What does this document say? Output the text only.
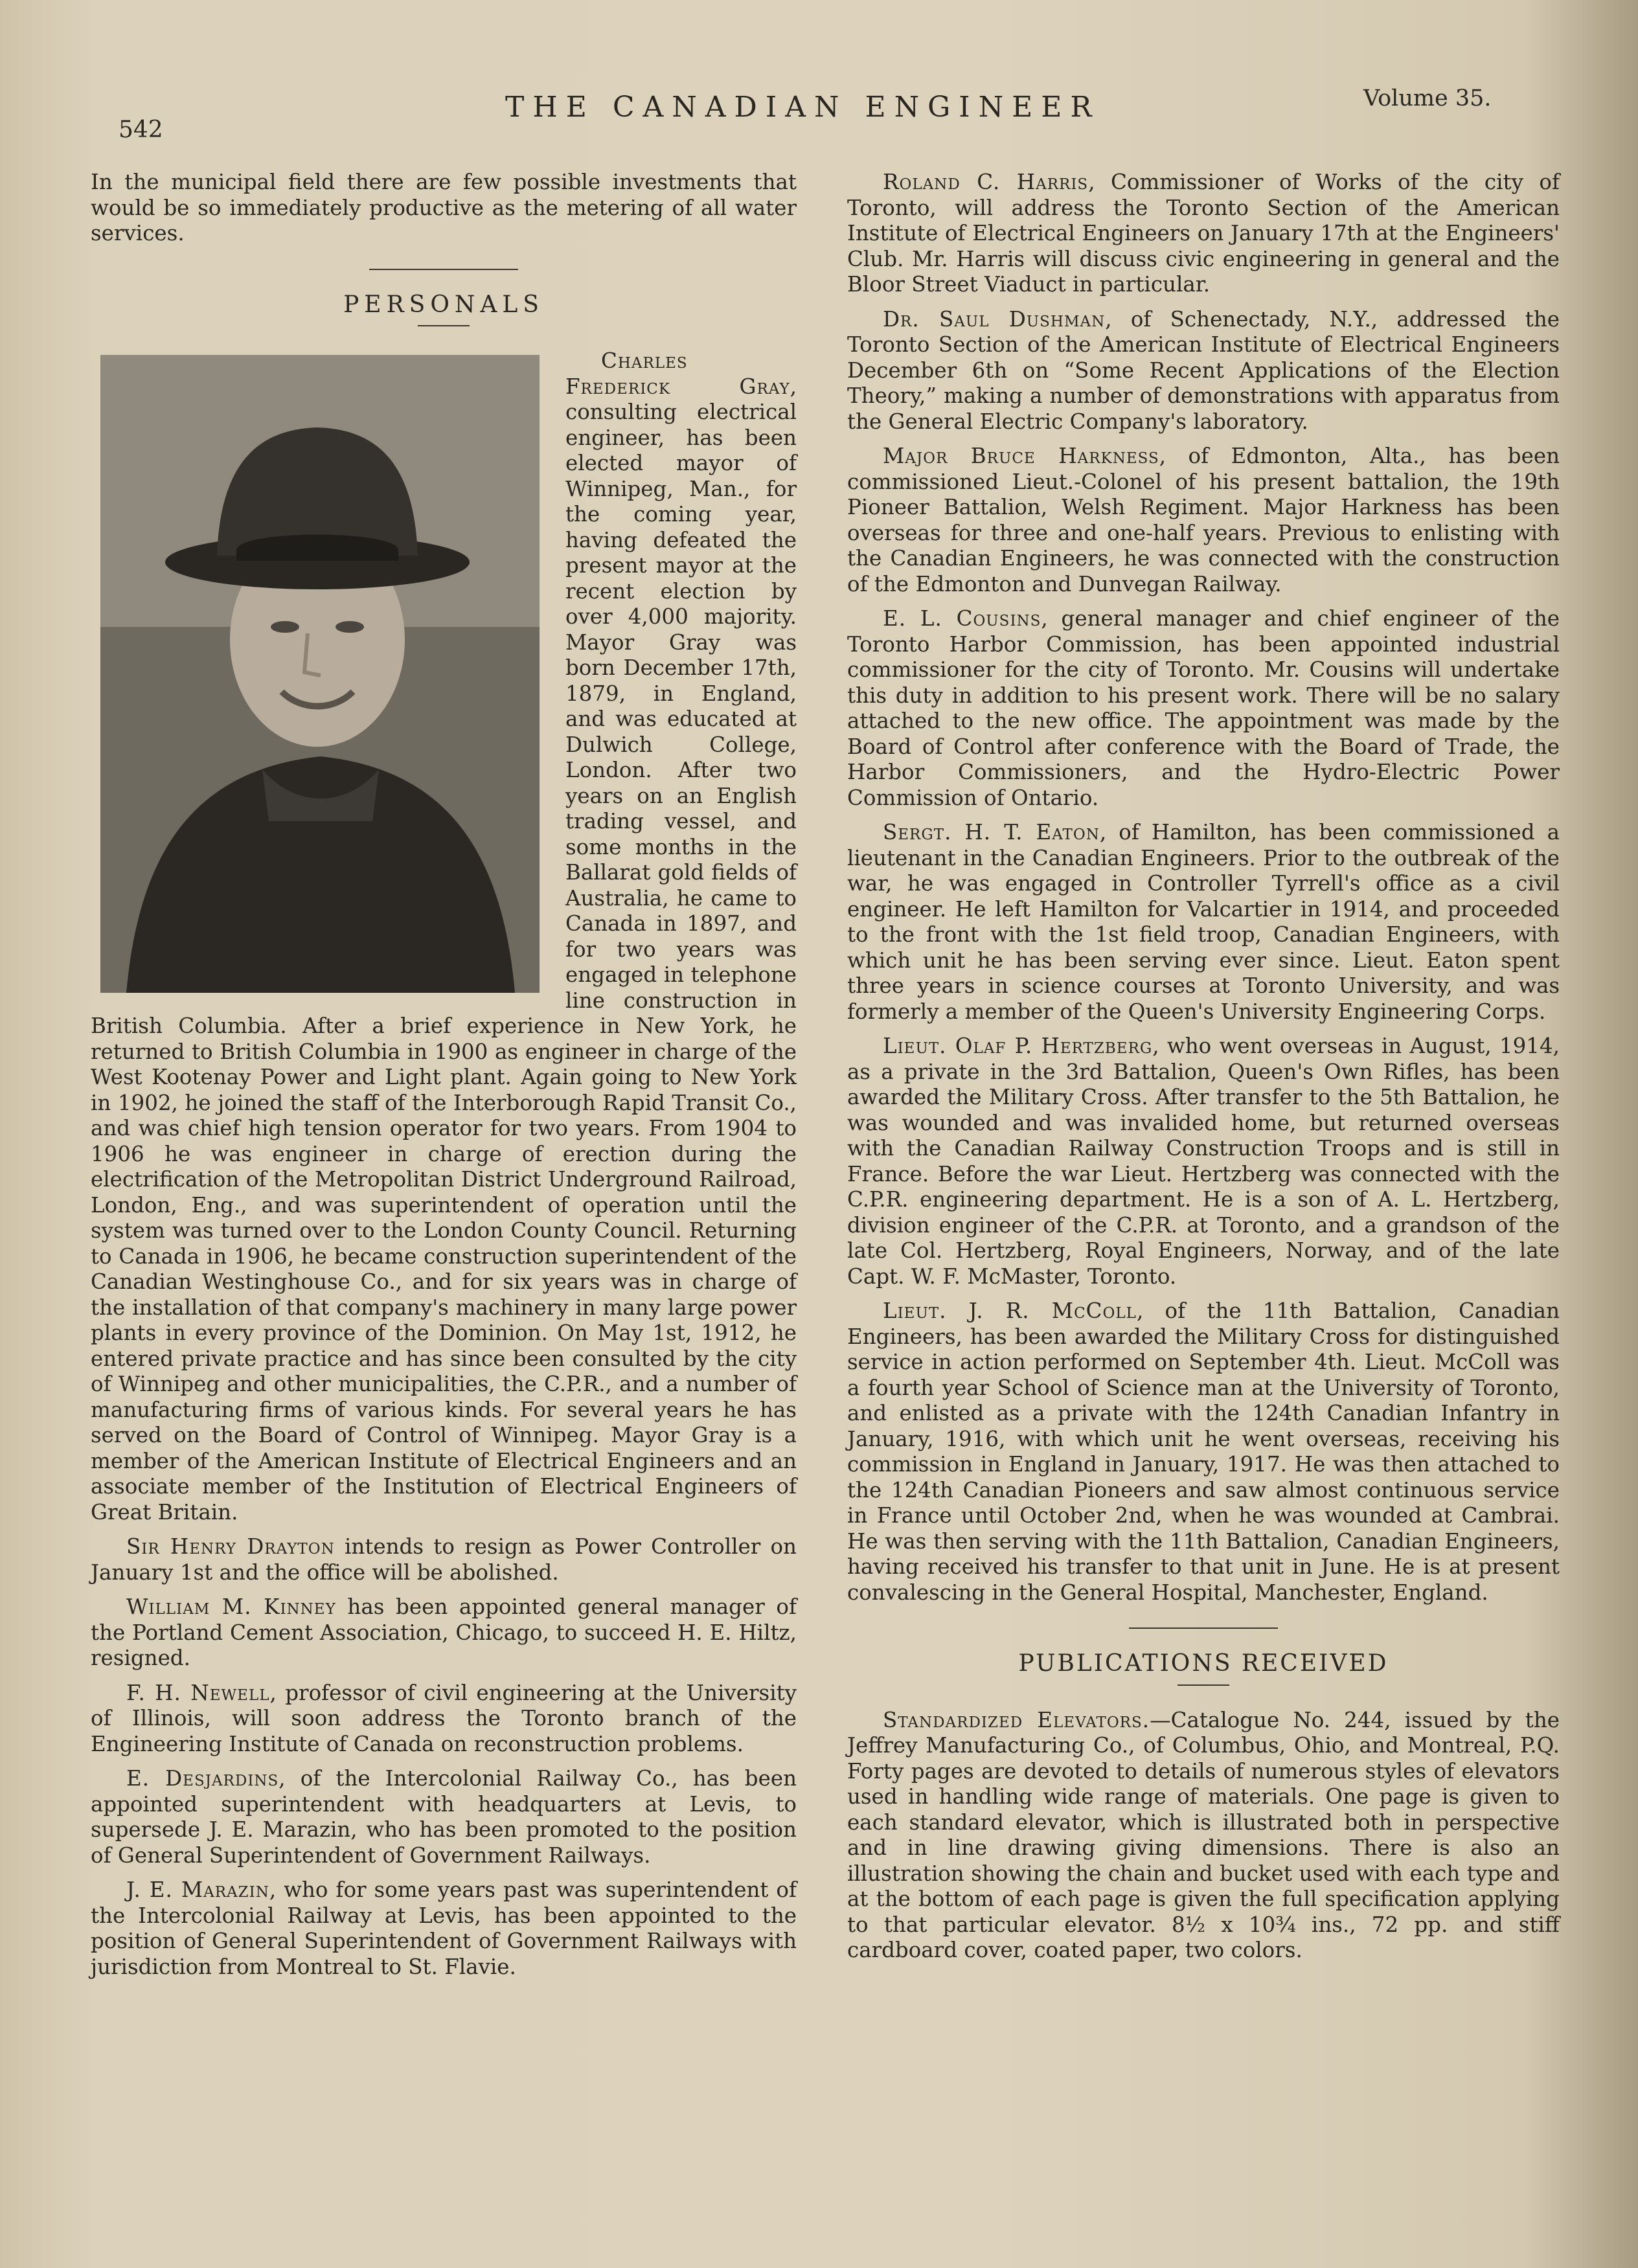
542
THE CANADIAN ENGINEER	Volume 35.

In the municipal field there are few possible investments that would be so immediately productive as the metering of all water services.

PERSONALS

Charles Frederick Gray, consulting electrical engineer, has been elected mayor of Winnipeg, Man., for the coming year, having defeated the present mayor at the recent election by over 4,000 majority. Mayor Gray was born December 17th, 1879, in England, and was educated at Dulwich College, London. After two years on an English trading vessel, and some months in the Ballarat gold fields of Australia, he came to Canada in 1897, and for two years was engaged in telephone line construction in British Columbia. After a brief experience in New York, he returned to British Columbia in 1900 as engineer in charge of the West Kootenay Power and Light plant. Again going to New York in 1902, he joined the staff of the Interborough Rapid Transit Co., and was chief high tension operator for two years. From 1904 to 1906 he was engineer in charge of erection during the electrification of the Metropolitan District Underground Railroad, London, Eng., and was superintendent of operation until the system was turned over to the London County Council. Returning to Canada in 1906, he became construction superintendent of the Canadian Westinghouse Co., and for six years was in charge of the installation of that company's machinery in many large power plants in every province of the Dominion. On May 1st, 1912, he entered private practice and has since been consulted by the city of Winnipeg and other municipalities, the C.P.R., and a number of manufacturing firms of various kinds. For several years he has served on the Board of Control of Winnipeg. Mayor Gray is a member of the American Institute of Electrical Engineers and an associate member of the Institution of Electrical Engineers of Great Britain.

Sir Henry Drayton intends to resign as Power Controller on January 1st and the office will be abolished.

William M. Kinney has been appointed general manager of the Portland Cement Association, Chicago, to succeed H. E. Hiltz, resigned.

F. H. Newell, professor of civil engineering at the University of Illinois, will soon address the Toronto branch of the Engineering Institute of Canada on reconstruction problems.

E. Desjardins, of the Intercolonial Railway Co., has been appointed superintendent with headquarters at Levis, to supersede J. E. Marazin, who has been promoted to the position of General Superintendent of Government Railways.

J. E. Marazin, who for some years past was superintendent of the Intercolonial Railway at Levis, has been appointed to the position of General Superintendent of Government Railways with jurisdiction from Montreal to St. Flavie.

Roland C. Harris, Commissioner of Works of the city of Toronto, will address the Toronto Section of the American Institute of Electrical Engineers on January 17th at the Engineers' Club. Mr. Harris will discuss civic engineering in general and the Bloor Street Viaduct in particular.

Dr. Saul Dushman, of Schenectady, N.Y., addressed the Toronto Section of the American Institute of Electrical Engineers December 6th on “Some Recent Applications of the Election Theory,” making a number of demonstrations with apparatus from the General Electric Company's laboratory.

Major Bruce Harkness, of Edmonton, Alta., has been commissioned Lieut.-Colonel of his present battalion, the 19th Pioneer Battalion, Welsh Regiment. Major Harkness has been overseas for three and one-half years. Previous to enlisting with the Canadian Engineers, he was connected with the construction of the Edmonton and Dunvegan Railway.

E. L. Cousins, general manager and chief engineer of the Toronto Harbor Commission, has been appointed industrial commissioner for the city of Toronto. Mr. Cousins will undertake this duty in addition to his present work. There will be no salary attached to the new office. The appointment was made by the Board of Control after conference with the Board of Trade, the Harbor Commissioners, and the Hydro-Electric Power Commission of Ontario.

Sergt. H. T. Eaton, of Hamilton, has been commissioned a lieutenant in the Canadian Engineers. Prior to the outbreak of the war, he was engaged in Controller Tyrrell's office as a civil engineer. He left Hamilton for Valcartier in 1914, and proceeded to the front with the 1st field troop, Canadian Engineers, with which unit he has been serving ever since. Lieut. Eaton spent three years in science courses at Toronto University, and was formerly a member of the Queen's University Engineering Corps.

Lieut. Olaf P. Hertzberg, who went overseas in August, 1914, as a private in the 3rd Battalion, Queen's Own Rifles, has been awarded the Military Cross. After transfer to the 5th Battalion, he was wounded and was invalided home, but returned overseas with the Canadian Railway Construction Troops and is still in France. Before the war Lieut. Hertzberg was connected with the C.P.R. engineering department. He is a son of A. L. Hertzberg, division engineer of the C.P.R. at Toronto, and a grandson of the late Col. Hertzberg, Royal Engineers, Norway, and of the late Capt. W. F. McMaster, Toronto.

Lieut. J. R. McColl, of the 11th Battalion, Canadian Engineers, has been awarded the Military Cross for distinguished service in action performed on September 4th. Lieut. McColl was a fourth year School of Science man at the University of Toronto, and enlisted as a private with the 124th Canadian Infantry in January, 1916, with which unit he went overseas, receiving his commission in England in January, 1917. He was then attached to the 124th Canadian Pioneers and saw almost continuous service in France until October 2nd, when he was wounded at Cambrai. He was then serving with the 11th Battalion, Canadian Engineers, having received his transfer to that unit in June. He is at present convalescing in the General Hospital, Manchester, England.

PUBLICATIONS RECEIVED

Standardized Elevators.—Catalogue No. 244, issued by the Jeffrey Manufacturing Co., of Columbus, Ohio, and Montreal, P.Q. Forty pages are devoted to details of numerous styles of elevators used in handling wide range of materials. One page is given to each standard elevator, which is illustrated both in perspective and in line drawing giving dimensions. There is also an illustration showing the chain and bucket used with each type and at the bottom of each page is given the full specification applying to that particular elevator. 8½ x 10¾ ins., 72 pp. and stiff cardboard cover, coated paper, two colors.
